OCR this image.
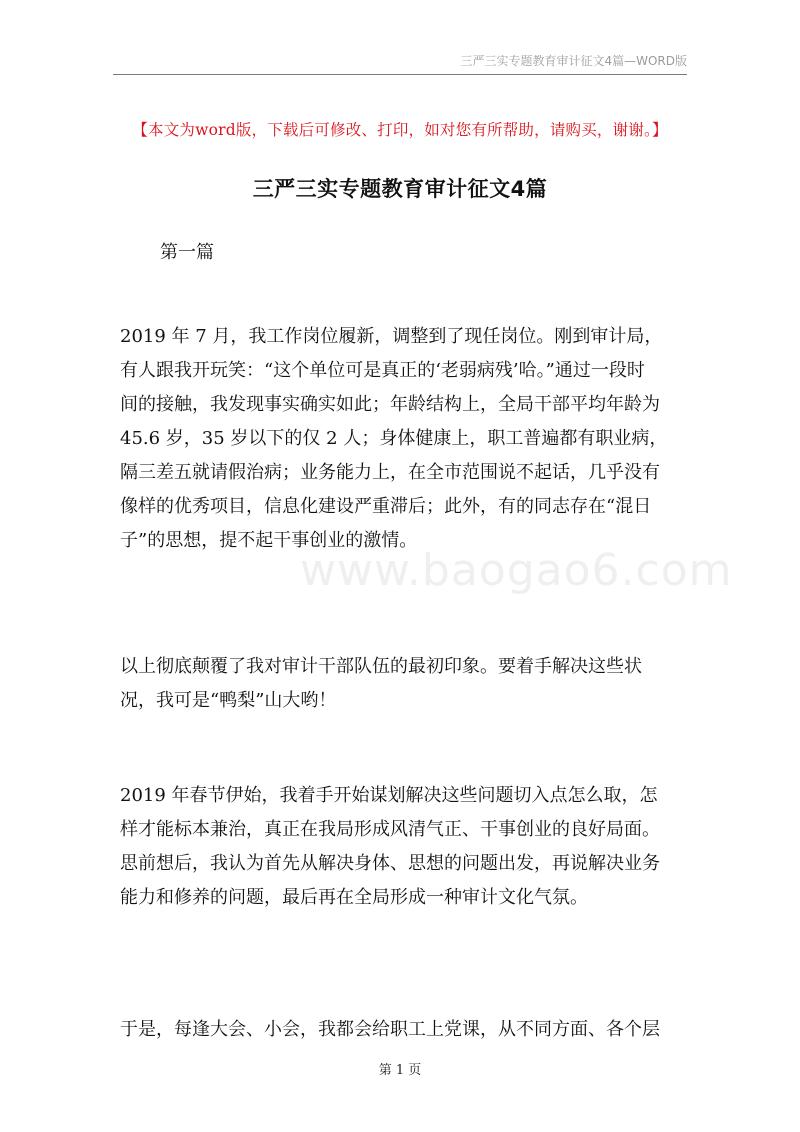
三严三实专题教育审计征文4篇—WORD版
【本文为word版，下载后可修改、打印，如对您有所帮助，请购买，谢谢。】
三严三实专题教育审计征文4篇
第一篇
www.baogao6.com
2019 年 7 月，我工作岗位履新，调整到了现任岗位。刚到审计局，
有人跟我开玩笑：“这个单位可是真正的‘老弱病残’哈。”通过一段时
间的接触，我发现事实确实如此；年龄结构上，全局干部平均年龄为
45.6 岁，35 岁以下的仅 2 人；身体健康上，职工普遍都有职业病，
隔三差五就请假治病；业务能力上，在全市范围说不起话，几乎没有
像样的优秀项目，信息化建设严重滞后；此外，有的同志存在“混日
子”的思想，提不起干事创业的激情。
以上彻底颠覆了我对审计干部队伍的最初印象。要着手解决这些状
况，我可是“鸭梨”山大哟！
2019 年春节伊始，我着手开始谋划解决这些问题切入点怎么取，怎
样才能标本兼治，真正在我局形成风清气正、干事创业的良好局面。
思前想后，我认为首先从解决身体、思想的问题出发，再说解决业务
能力和修养的问题，最后再在全局形成一种审计文化气氛。
于是，每逢大会、小会，我都会给职工上党课，从不同方面、各个层
第 1 页
